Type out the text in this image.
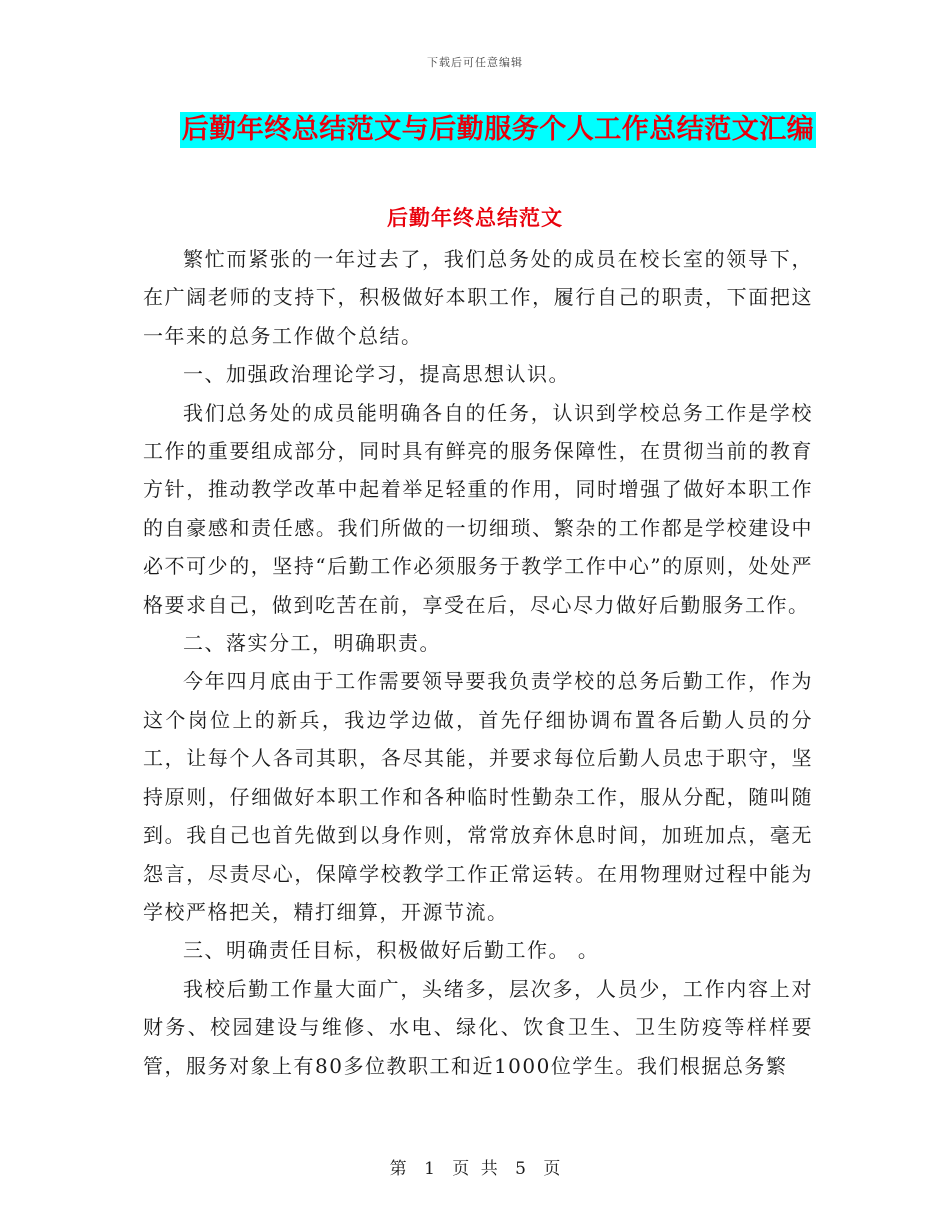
下载后可任意编辑
后勤年终总结范文与后勤服务个人工作总结范文汇编
后勤年终总结范文

繁忙而紧张的一年过去了，我们总务处的成员在校长室的领导下，在广阔老师的支持下，积极做好本职工作，履行自己的职责，下面把这一年来的总务工作做个总结。

一、加强政治理论学习，提高思想认识。

我们总务处的成员能明确各自的任务，认识到学校总务工作是学校工作的重要组成部分，同时具有鲜亮的服务保障性，在贯彻当前的教育方针，推动教学改革中起着举足轻重的作用，同时增强了做好本职工作的自豪感和责任感。我们所做的一切细琐、繁杂的工作都是学校建设中必不可少的，坚持“后勤工作必须服务于教学工作中心”的原则，处处严格要求自己，做到吃苦在前，享受在后，尽心尽力做好后勤服务工作。

二、落实分工，明确职责。

今年四月底由于工作需要领导要我负责学校的总务后勤工作，作为这个岗位上的新兵，我边学边做，首先仔细协调布置各后勤人员的分工，让每个人各司其职，各尽其能，并要求每位后勤人员忠于职守，坚持原则，仔细做好本职工作和各种临时性勤杂工作，服从分配，随叫随到。我自己也首先做到以身作则，常常放弃休息时间，加班加点，毫无怨言，尽责尽心，保障学校教学工作正常运转。在用物理财过程中能为学校严格把关，精打细算，开源节流。

三、明确责任目标，积极做好后勤工作。 。

我校后勤工作量大面广，头绪多，层次多，人员少，工作内容上对财务、校园建设与维修、水电、绿化、饮食卫生、卫生防疫等样样要管，服务对象上有80多位教职工和近1000位学生。我们根据总务繁

第 1 页 共 5 页
